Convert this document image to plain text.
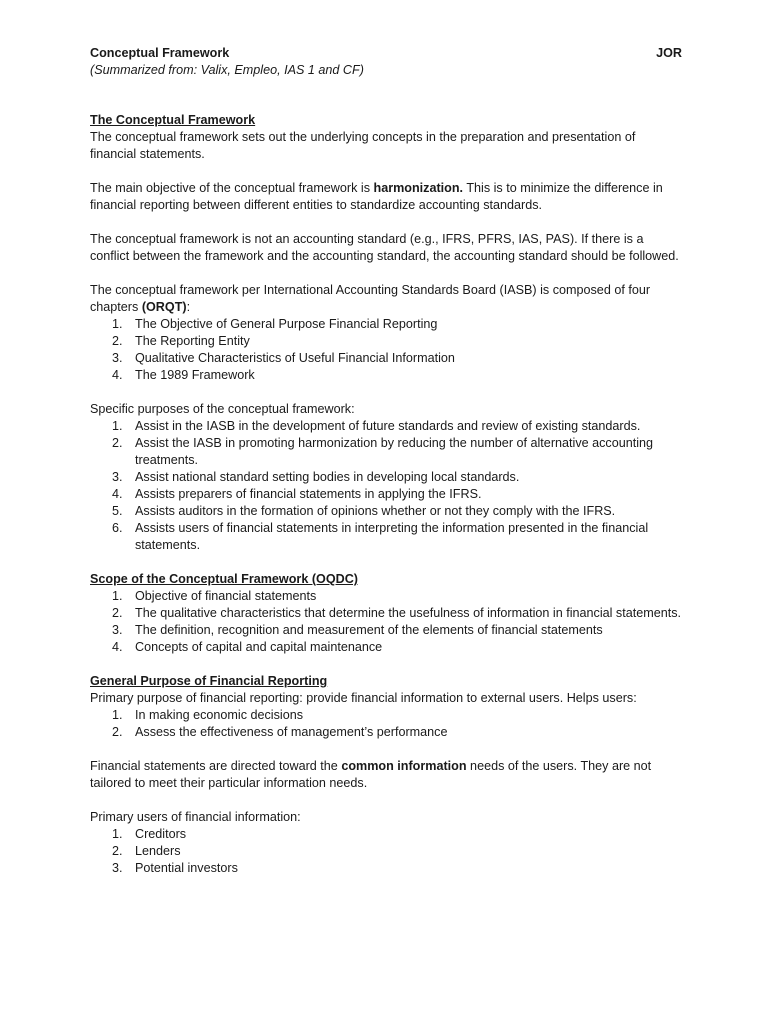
Conceptual Framework	JOR

(Summarized from: Valix, Empleo, IAS 1 and CF)

The Conceptual Framework

The conceptual framework sets out the underlying concepts in the preparation and presentation of financial statements.

The main objective of the conceptual framework is harmonization. This is to minimize the difference in financial reporting between different entities to standardize accounting standards.

The conceptual framework is not an accounting standard (e.g., IFRS, PFRS, IAS, PAS). If there is a conflict between the framework and the accounting standard, the accounting standard should be followed.

The conceptual framework per International Accounting Standards Board (IASB) is composed of four chapters (ORQT):

1. The Objective of General Purpose Financial Reporting
2. The Reporting Entity
3. Qualitative Characteristics of Useful Financial Information
4. The 1989 Framework

Specific purposes of the conceptual framework:

1. Assist in the IASB in the development of future standards and review of existing standards.
2. Assist the IASB in promoting harmonization by reducing the number of alternative accounting treatments.
3. Assist national standard setting bodies in developing local standards.
4. Assists preparers of financial statements in applying the IFRS.
5. Assists auditors in the formation of opinions whether or not they comply with the IFRS.
6. Assists users of financial statements in interpreting the information presented in the financial statements.

Scope of the Conceptual Framework (OQDC)

1. Objective of financial statements
2. The qualitative characteristics that determine the usefulness of information in financial statements.
3. The definition, recognition and measurement of the elements of financial statements
4. Concepts of capital and capital maintenance

General Purpose of Financial Reporting

Primary purpose of financial reporting: provide financial information to external users. Helps users:

1. In making economic decisions
2. Assess the effectiveness of management’s performance

Financial statements are directed toward the common information needs of the users. They are not tailored to meet their particular information needs.

Primary users of financial information:

1. Creditors
2. Lenders
3. Potential investors
